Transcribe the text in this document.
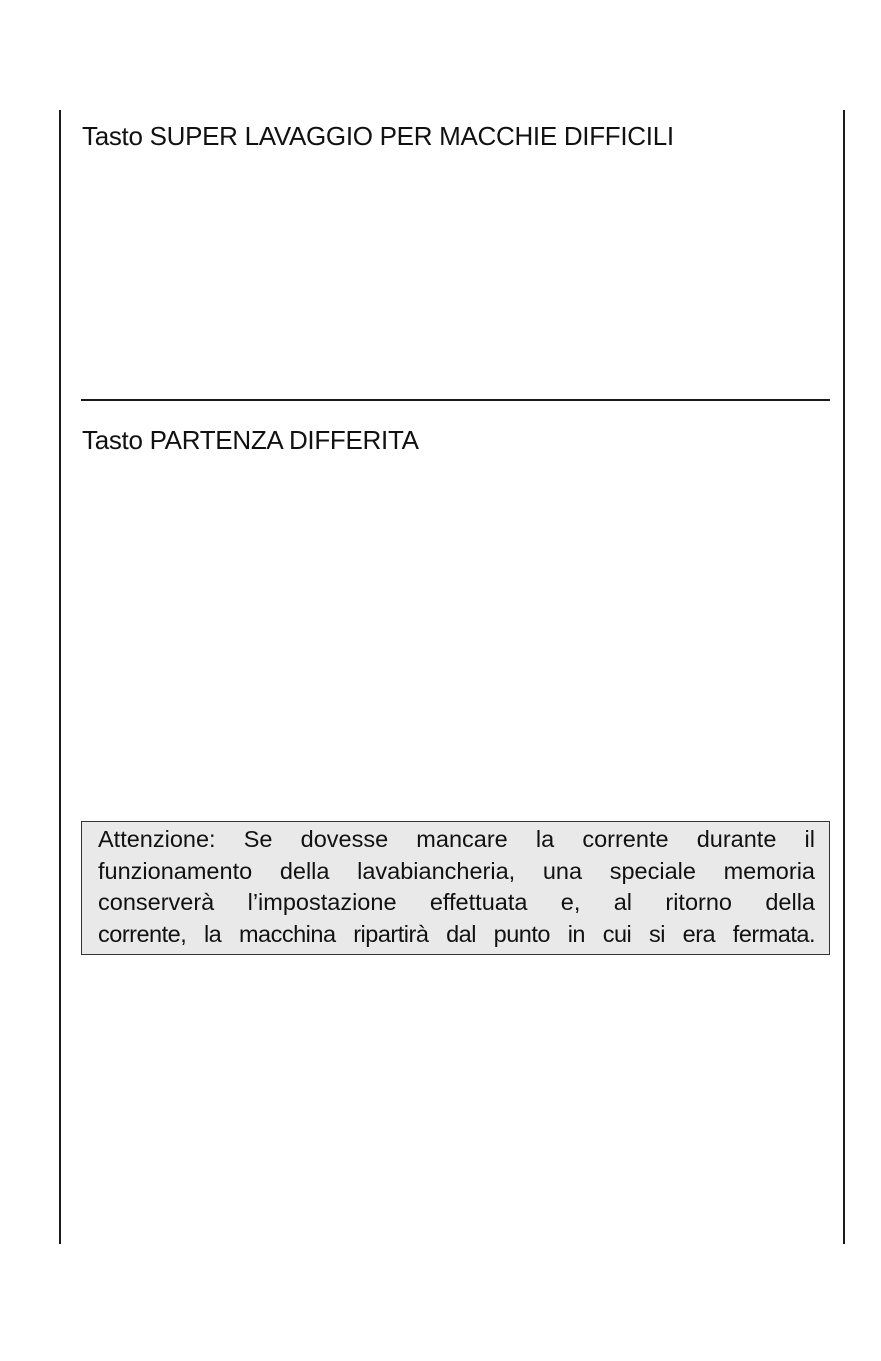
Tasto SUPER LAVAGGIO PER MACCHIE DIFFICILI
Tasto PARTENZA DIFFERITA
Attenzione: Se dovesse mancare la corrente durante il
funzionamento della lavabiancheria, una speciale memoria
conserverà l’impostazione effettuata e, al ritorno della
corrente, la macchina ripartirà dal punto in cui si era fermata.
